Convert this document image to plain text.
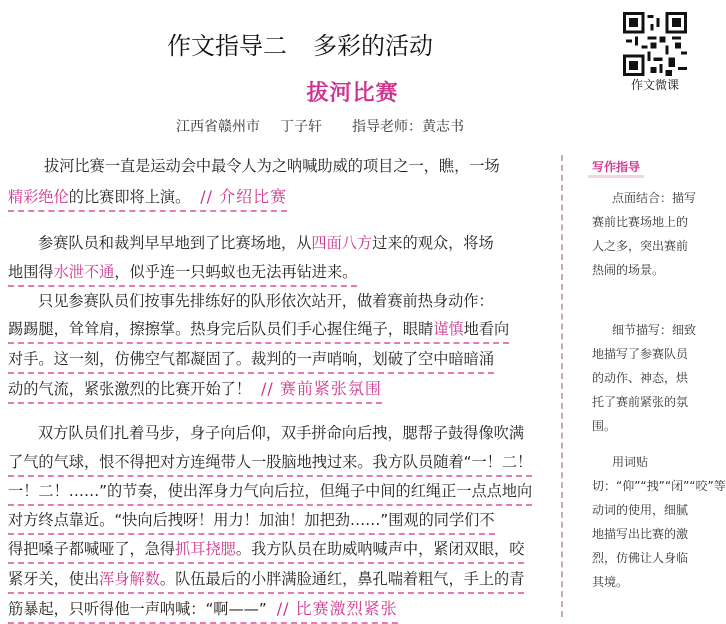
作文指导二 多彩的活动
作文微课
拔河比赛
江西省赣州市 丁子轩 指导老师：黄志书
拔河比赛一直是运动会中最令人为之呐喊助威的项目之一，瞧，一场
精彩绝伦的比赛即将上演。 // 介绍比赛
参赛队员和裁判早早地到了比赛场地，从四面八方过来的观众，将场
地围得水泄不通，似乎连一只蚂蚁也无法再钻进来。
只见参赛队员们按事先排练好的队形依次站开，做着赛前热身动作：
踢踢腿，耸耸肩，擦擦掌。热身完后队员们手心握住绳子，眼睛谨慎地看向
对手。这一刻，仿佛空气都凝固了。裁判的一声哨响，划破了空中暗暗涌
动的气流，紧张激烈的比赛开始了！ // 赛前紧张氛围
双方队员们扎着马步，身子向后仰，双手拼命向后拽，腮帮子鼓得像吹满
了气的气球，恨不得把对方连绳带人一股脑地拽过来。我方队员随着“一！二！
一！二！……”的节奏，使出浑身力气向后拉，但绳子中间的红绳正一点点地向
对方终点靠近。“快向后拽呀！用力！加油！加把劲……”围观的同学们不
得把嗓子都喊哑了，急得抓耳挠腮。我方队员在助威呐喊声中，紧闭双眼，咬
紧牙关，使出浑身解数。队伍最后的小胖满脸通红，鼻孔喘着粗气，手上的青
筋暴起，只听得他一声呐喊：“啊——” // 比赛激烈紧张
写作指导
点面结合：描写赛前比赛场地上的人之多，突出赛前热闹的场景。
细节描写：细致地描写了参赛队员的动作、神态，烘托了赛前紧张的氛围。
用词贴切：“仰”“拽”“闭”“咬”等动词的使用，细腻地描写出比赛的激烈，仿佛让人身临其境。
